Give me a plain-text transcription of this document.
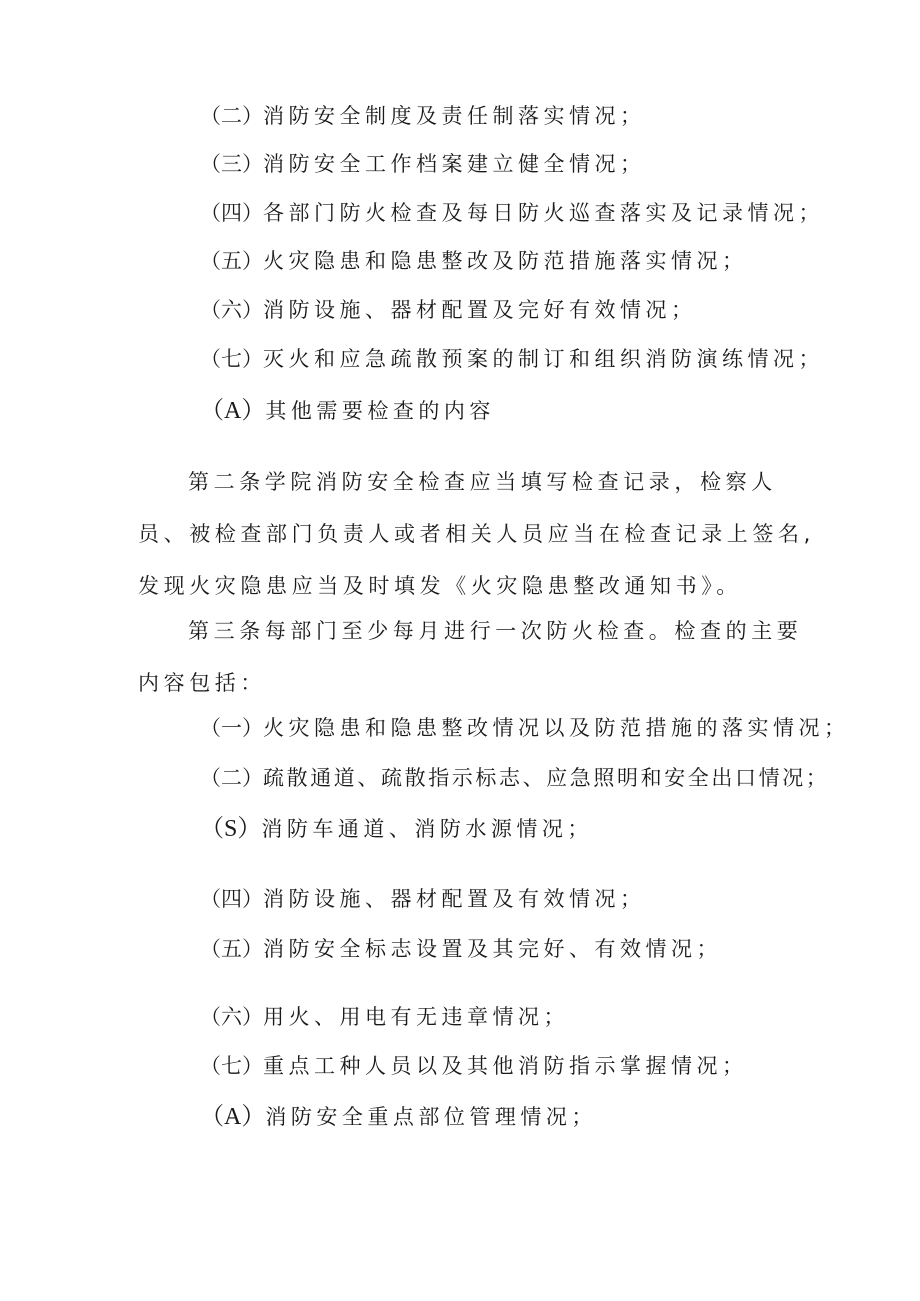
（二）消防安全制度及责任制落实情况；
（三）消防安全工作档案建立健全情况；
（四）各部门防火检查及每日防火巡查落实及记录情况；
（五）火灾隐患和隐患整改及防范措施落实情况；
（六）消防设施、器材配置及完好有效情况；
（七）灭火和应急疏散预案的制订和组织消防演练情况；
（A）其他需要检查的内容

第二条学院消防安全检查应当填写检查记录，检察人员、被检查部门负责人或者相关人员应当在检查记录上签名,发现火灾隐患应当及时填发《火灾隐患整改通知书》。

第三条每部门至少每月进行一次防火检查。检查的主要内容包括：

（一）火灾隐患和隐患整改情况以及防范措施的落实情况；
（二）疏散通道、疏散指示标志、应急照明和安全出口情况；
（S）消防车通道、消防水源情况；
（四）消防设施、器材配置及有效情况；
（五）消防安全标志设置及其完好、有效情况；
（六）用火、用电有无违章情况；
（七）重点工种人员以及其他消防指示掌握情况；
（A）消防安全重点部位管理情况；
